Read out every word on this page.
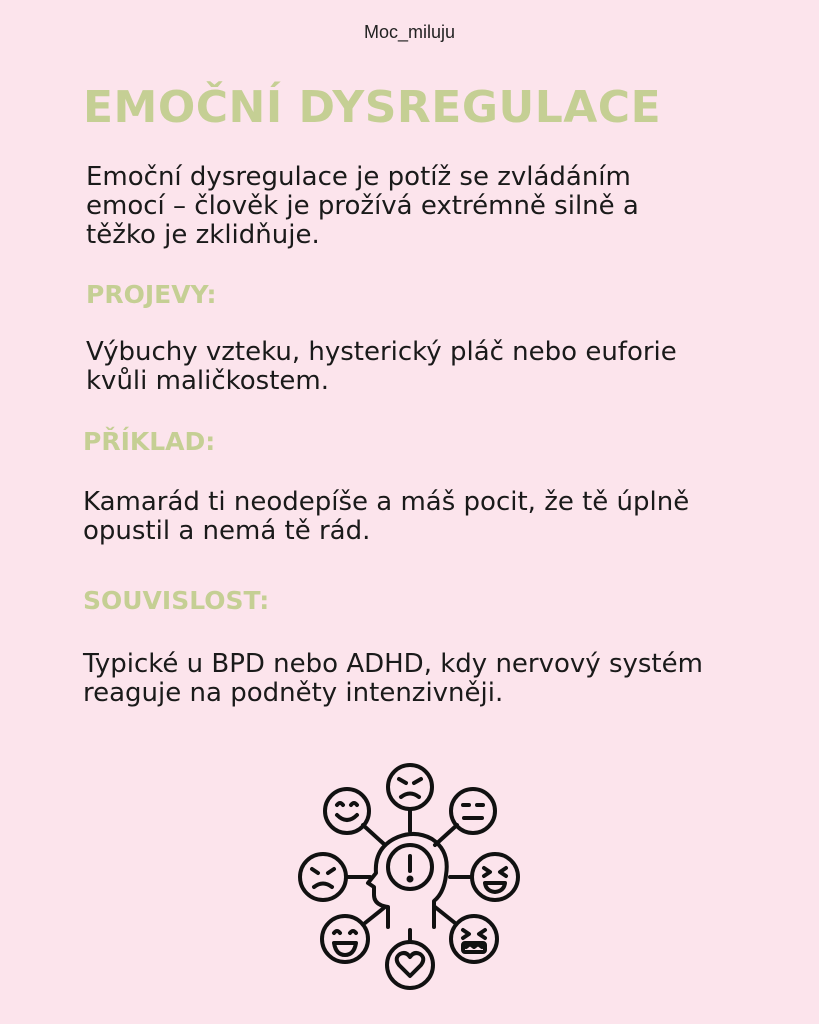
Moc_miluju
EMOČNÍ DYSREGULACE

Emoční dysregulace je potíž se zvládáním emocí – člověk je prožívá extrémně silně a těžko je zklidňuje.

PROJEVY:

Výbuchy vzteku, hysterický pláč nebo euforie kvůli maličkostem.

PŘÍKLAD:

Kamarád ti neodepíše a máš pocit, že tě úplně opustil a nemá tě rád.

SOUVISLOST:

Typické u BPD nebo ADHD, kdy nervový systém reaguje na podněty intenzivněji.
